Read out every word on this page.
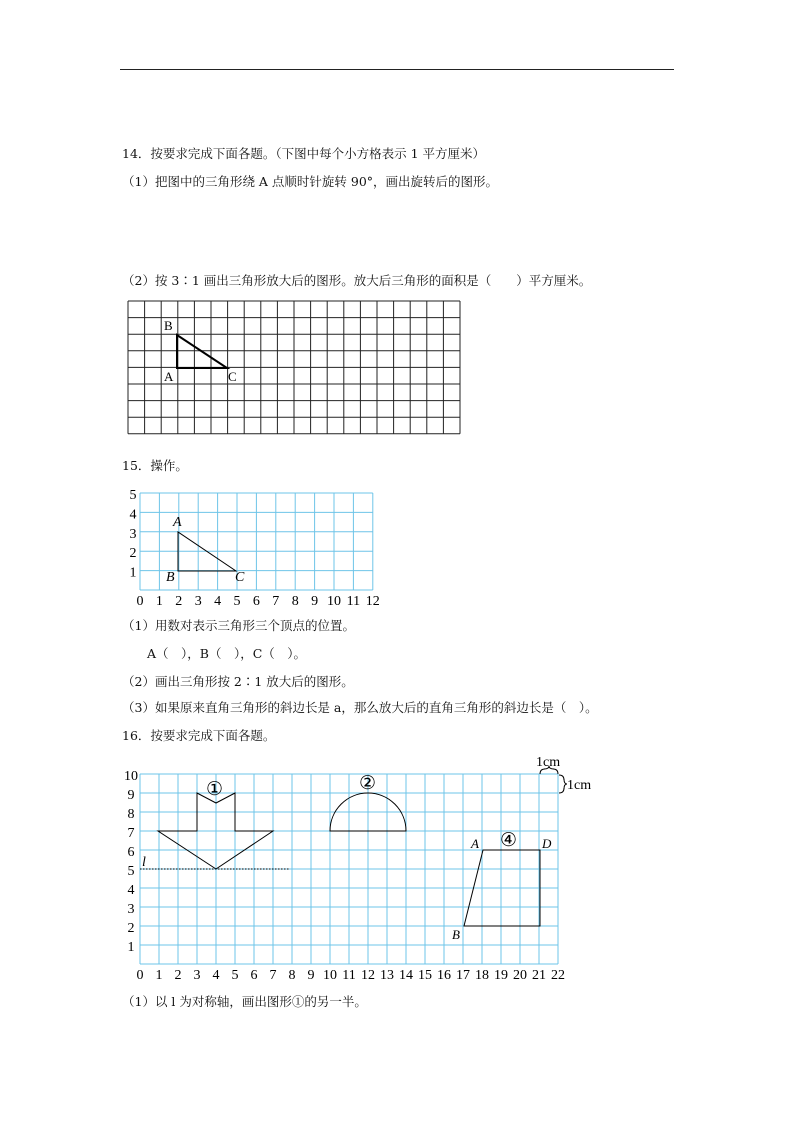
14．按要求完成下面各题。（下图中每个小方格表示 1 平方厘米）
（1）把图中的三角形绕 A 点顺时针旋转 90°，画出旋转后的图形。
（2）按 3∶1 画出三角形放大后的图形。放大后三角形的面积是（　　）平方厘米。
B
A	C
15．操作。
0 1 2 3 4 5 6 7 8 9 10 11 12
1
2
3
4
5
A
B	C
（1）用数对表示三角形三个顶点的位置。
A（　），B（　），C（　）。
（2）画出三角形按 2∶1 放大后的图形。
（3）如果原来直角三角形的斜边长是 a，那么放大后的直角三角形的斜边长是（　）。
16．按要求完成下面各题。
0 1 2 3 4 5 6 7 8 9 10 11 12 13 14 15 16 17 18 19 20 21 22
1
2
3
4
5
6
7
8
9
10
l
A
B
D
①	②
④
1cm
1cm
（1）以 l 为对称轴，画出图形①的另一半。
